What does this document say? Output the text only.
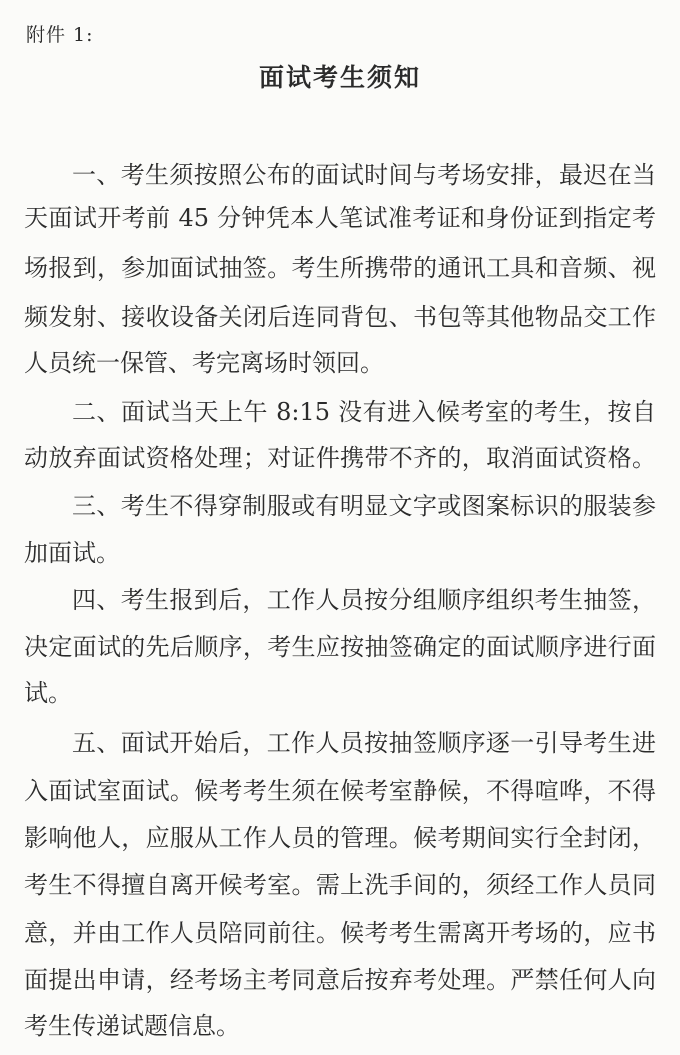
附件 1:
面试考生须知
一、考生须按照公布的面试时间与考场安排，最迟在当
天面试开考前 45 分钟凭本人笔试准考证和身份证到指定考
场报到，参加面试抽签。考生所携带的通讯工具和音频、视
频发射、接收设备关闭后连同背包、书包等其他物品交工作
人员统一保管、考完离场时领回。
二、面试当天上午 8:15 没有进入候考室的考生，按自
动放弃面试资格处理；对证件携带不齐的，取消面试资格。
三、考生不得穿制服或有明显文字或图案标识的服装参
加面试。
四、考生报到后，工作人员按分组顺序组织考生抽签，
决定面试的先后顺序，考生应按抽签确定的面试顺序进行面
试。
五、面试开始后，工作人员按抽签顺序逐一引导考生进
入面试室面试。候考考生须在候考室静候，不得喧哗，不得
影响他人，应服从工作人员的管理。候考期间实行全封闭，
考生不得擅自离开候考室。需上洗手间的，须经工作人员同
意，并由工作人员陪同前往。候考考生需离开考场的，应书
面提出申请，经考场主考同意后按弃考处理。严禁任何人向
考生传递试题信息。
